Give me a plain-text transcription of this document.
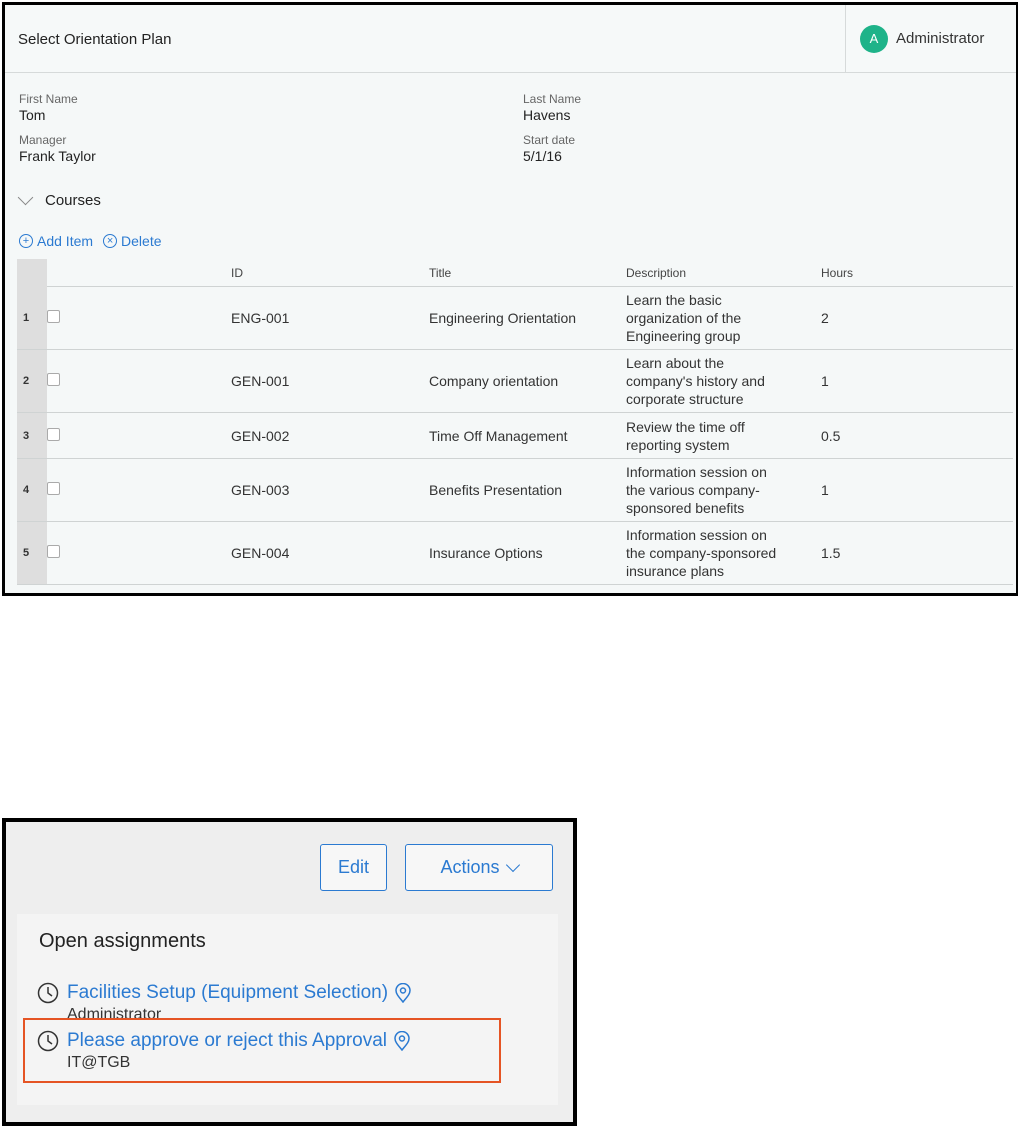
Select Orientation Plan	A	Administrator
First Name
Tom
Manager
Frank Taylor
Last Name
Havens
Start date
5/1/16
Courses
+ Add Item	× Delete
		ID	Title	Description	Hours
1		ENG-001	Engineering Orientation	Learn the basic
organization of the
Engineering group	2
2		GEN-001	Company orientation	Learn about the
company's history and
corporate structure	1
3		GEN-002	Time Off Management	Review the time off
reporting system	0.5
4		GEN-003	Benefits Presentation	Information session on
the various company-
sponsored benefits	1
5		GEN-004	Insurance Options	Information session on
the company-sponsored
insurance plans	1.5
Edit	Actions
Open assignments
Facilities Setup (Equipment Selection)
Administrator
Please approve or reject this Approval
IT@TGB
